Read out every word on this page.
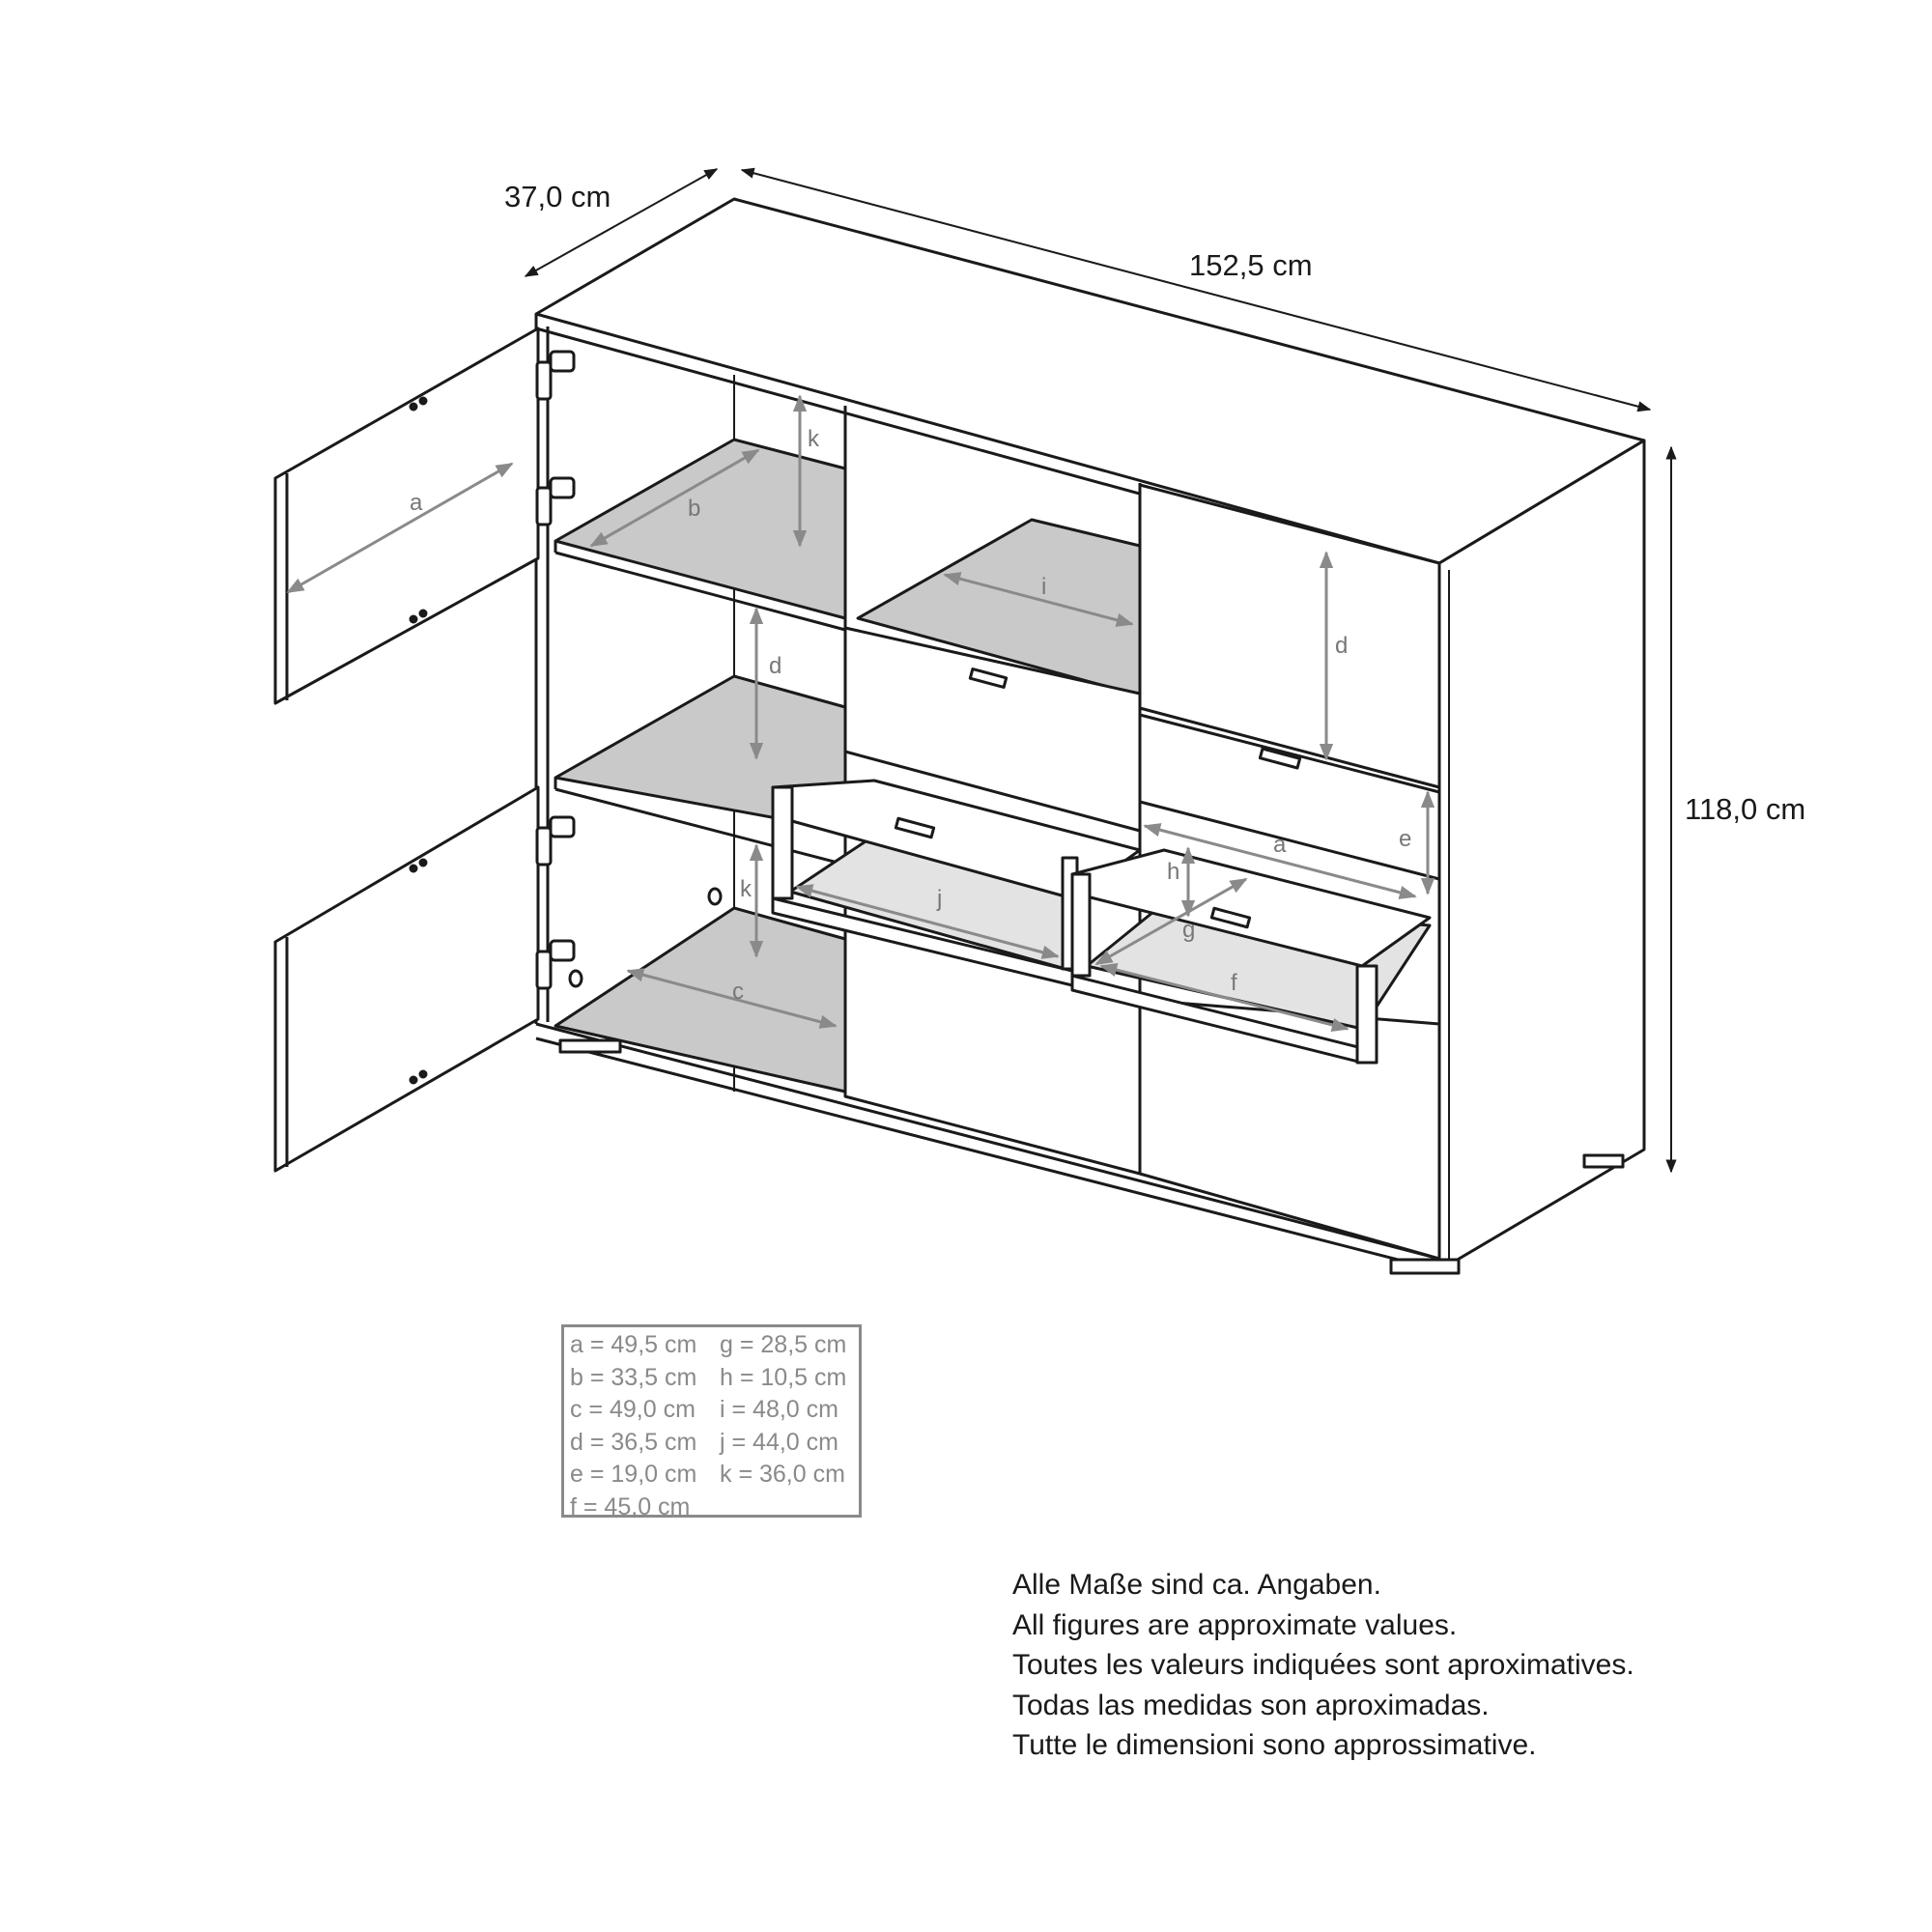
37,0 cm
152,5 cm
118,0 cm
a	b
k
d
k
c
i
d
a	e
h
g
j
f
a = 49,5 cm g = 28,5 cm
b = 33,5 cm h = 10,5 cm
c = 49,0 cm	i = 48,0 cm
d = 36,5 cm j = 44,0 cm
e = 19,0 cm k = 36,0 cm
f = 45,0 cm
Alle Maße sind ca. Angaben.
All figures are approximate values.
Toutes les valeurs indiquées sont aproximatives.
Todas las medidas son aproximadas.
Tutte le dimensioni sono approssimative.
